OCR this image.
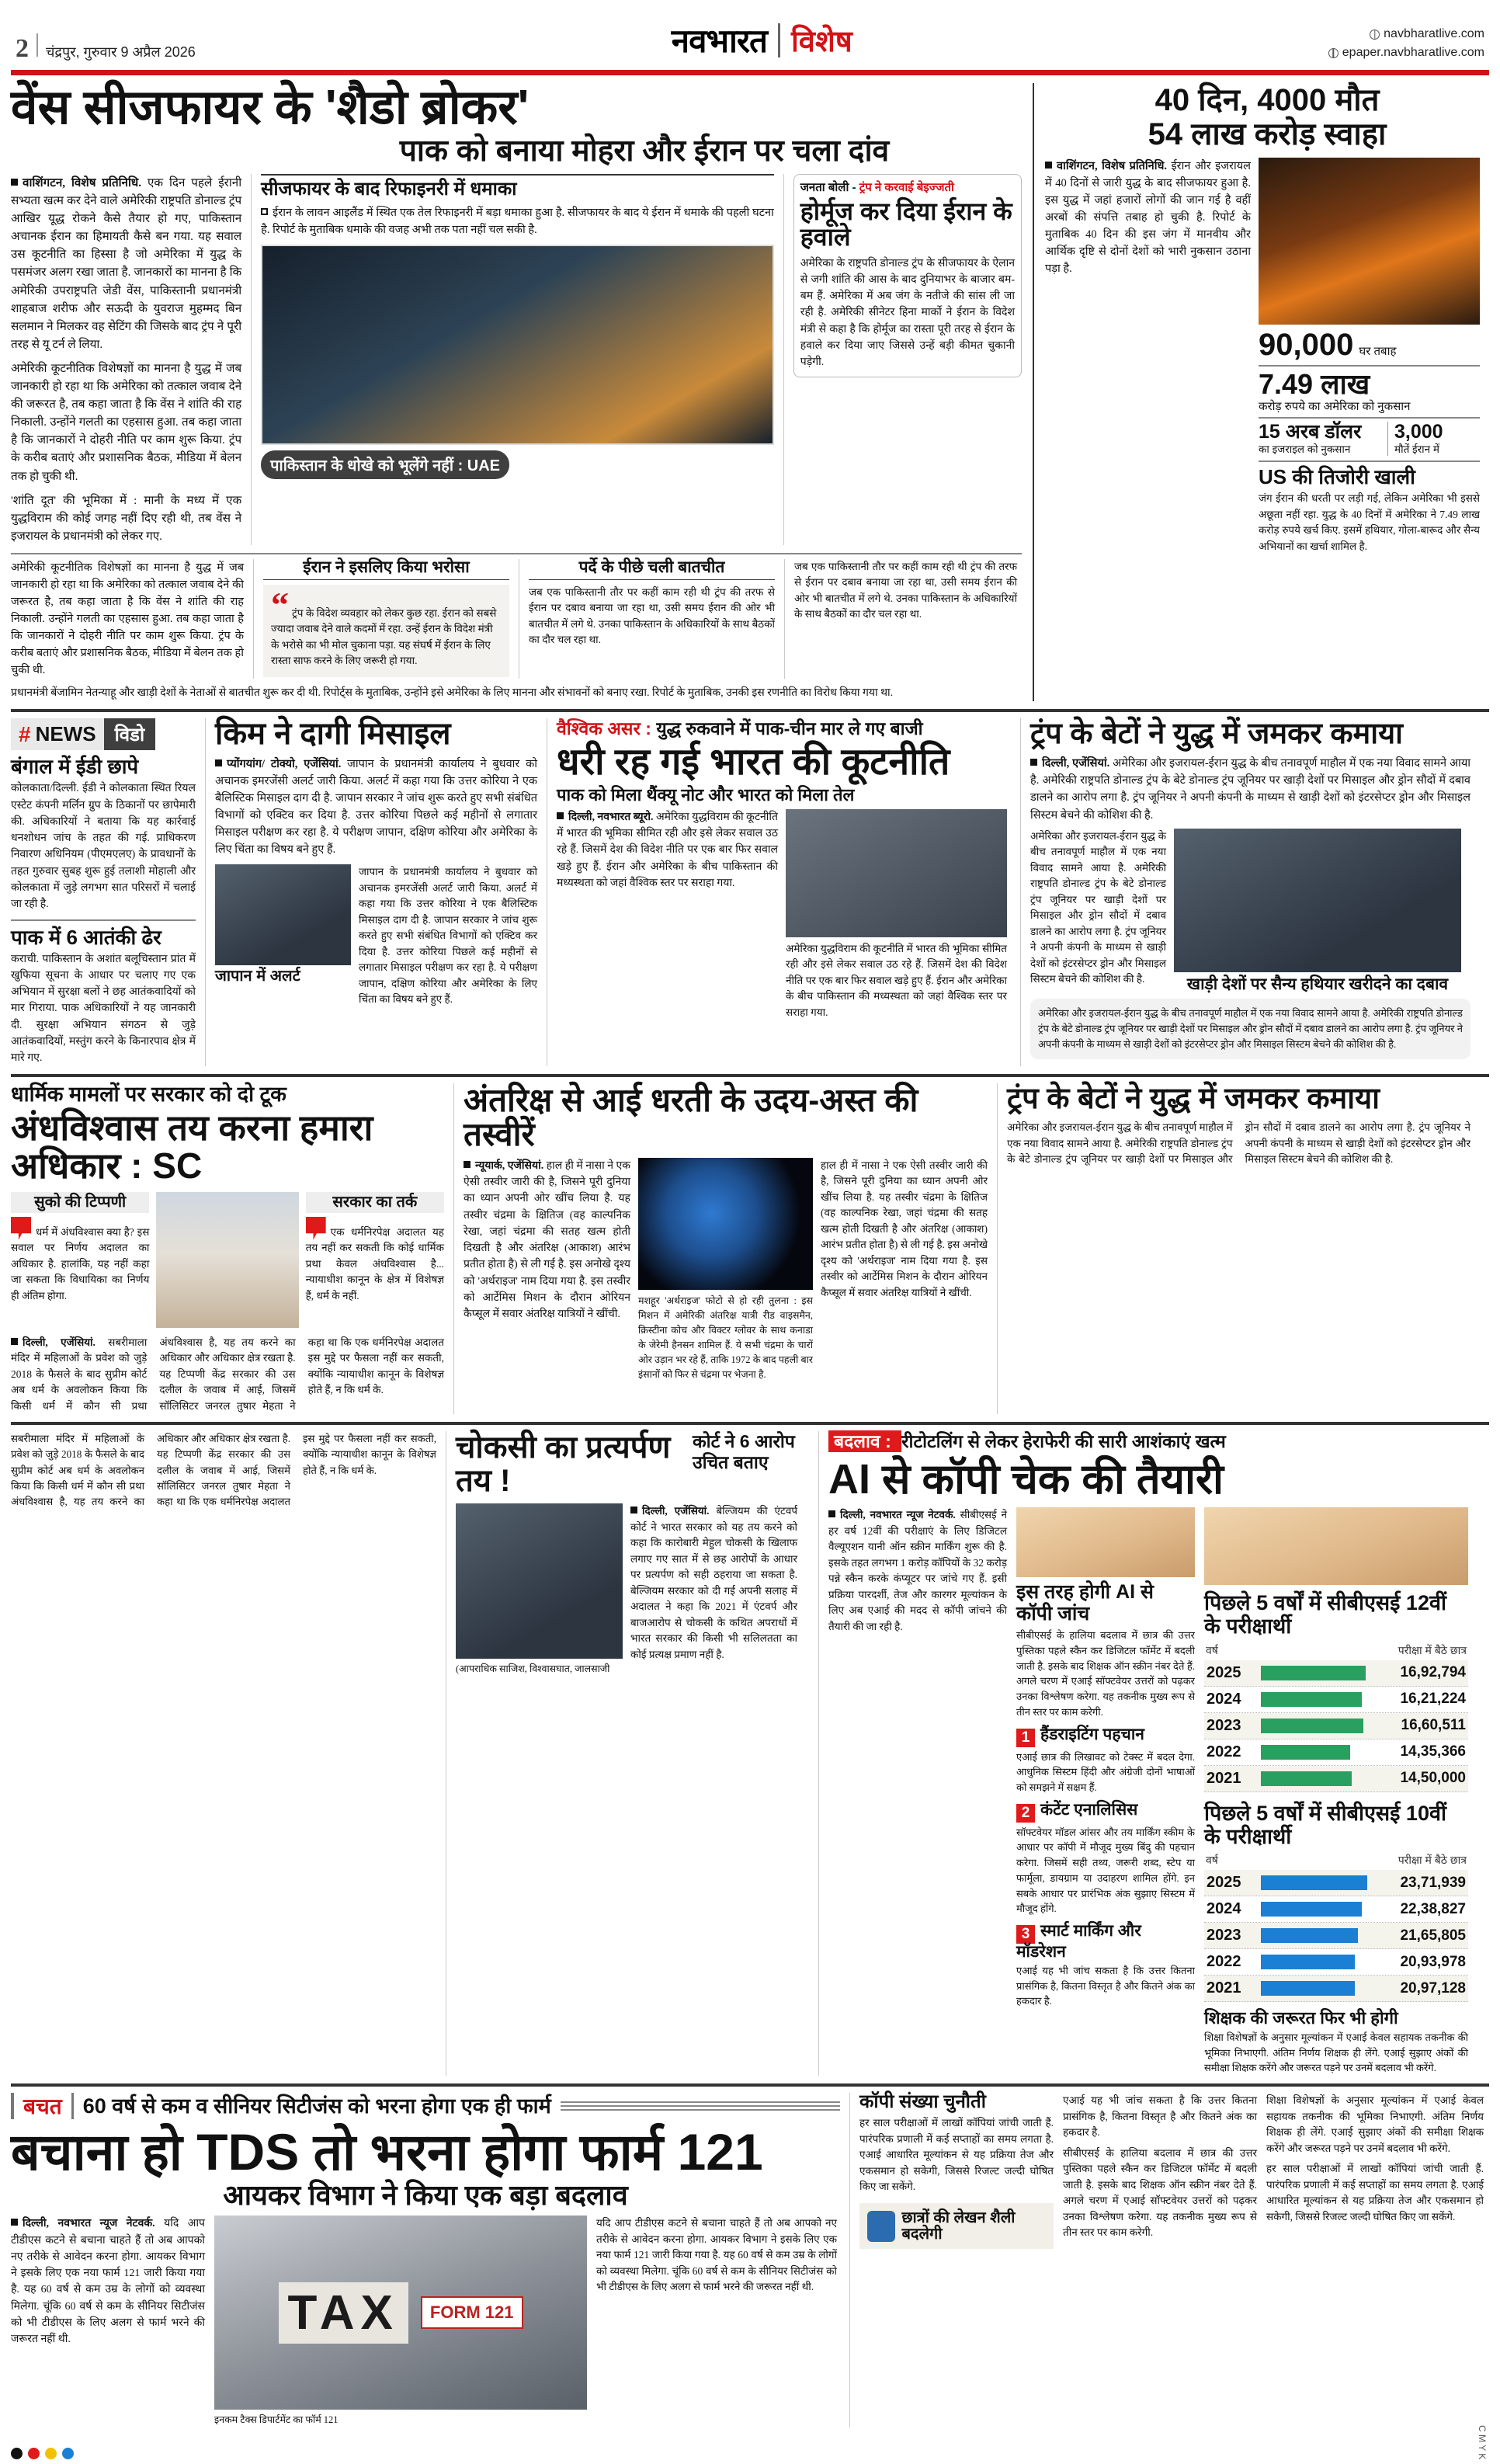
2 चंद्रपुर, गुरुवार 9 अप्रैल 2026	नवभारत विशेष	navbharatlive.com
epaper.navbharatlive.com
वेंस सीजफायर के 'शैडो ब्रोकर'
पाक को बनाया मोहरा और ईरान पर चला दांव
वाशिंगटन, विशेष प्रतिनिधि. एक दिन पहले ईरानी सभ्यता खत्म कर देने वाले अमेरिकी राष्ट्रपति डोनाल्ड ट्रंप आखिर यूद्ध रोकने कैसे तैयार हो गए, पाकिस्तान अचानक ईरान का हिमायती कैसे बन गया. यह सवाल उस कूटनीति का हिस्सा है जो अमेरिका में युद्ध के पसमंजर अलग रखा जाता है. जानकारों का मानना है कि अमेरिकी उपराष्ट्रपति जेडी वेंस, पाकिस्तानी प्रधानमंत्री शाहबाज शरीफ और सऊदी के युवराज मुहम्मद बिन सलमान ने मिलकर वह सेटिंग की जिसके बाद ट्रंप ने पूरी तरह से यू टर्न ले लिया.
अमेरिकी कूटनीतिक विशेषज्ञों का मानना है युद्ध में जब जानकारी हो रहा था कि अमेरिका को तत्काल जवाब देने की जरूरत है, तब कहा जाता है कि वेंस ने शांति की राह निकाली. उन्होंने गलती का एहसास हुआ. तब कहा जाता है कि जानकारों ने दोहरी नीति पर काम शुरू किया. ट्रंप के करीब बताएं और प्रशासनिक बैठक, मीडिया में बेलन तक हो चुकी थी.
'शांति दूत' की भूमिका में : मानी के मध्य में एक युद्धविराम की कोई जगह नहीं दिए रही थी, तब वेंस ने इजरायल के प्रधानमंत्री को लेकर गए.
सीजफायर के बाद रिफाइनरी में धमाका
ईरान के लावन आइलैंड में स्थित एक तेल रिफाइनरी में बड़ा धमाका हुआ है. सीजफायर के बाद ये ईरान में धमाके की पहली घटना है. रिपोर्ट के मुताबिक धमाके की वजह अभी तक पता नहीं चल सकी है.
पाकिस्तान के धोखे को भूलेंगे नहीं : UAE
जनता बोली - ट्रंप ने करवाई बेइज्जती
होर्मूज कर दिया ईरान के हवाले
अमेरिका के राष्ट्रपति डोनाल्ड ट्रंप के सीजफायर के ऐलान से जगी शांति की आस के बाद दुनियाभर के बाजार बम-बम हैं. अमेरिका में अब जंग के नतीजे की सांस ली जा रही है. अमेरिकी सीनेटर हिना मार्को ने ईरान के विदेश मंत्री से कहा है कि होर्मूज का रास्ता पूरी तरह से ईरान के हवाले कर दिया जाए जिससे उन्हें बड़ी कीमत चुकानी पड़ेगी.
अमेरिकी कूटनीतिक विशेषज्ञों का मानना है युद्ध में जब जानकारी हो रहा था कि अमेरिका को तत्काल जवाब देने की जरूरत है, तब कहा जाता है कि वेंस ने शांति की राह निकाली. उन्होंने गलती का एहसास हुआ. तब कहा जाता है कि जानकारों ने दोहरी नीति पर काम शुरू किया. ट्रंप के करीब बताएं और प्रशासनिक बैठक, मीडिया में बेलन तक हो चुकी थी.
ईरान ने इसलिए किया भरोसा
“ ट्रंप के विदेश व्यवहार को लेकर कुछ रहा. ईरान को सबसे ज्यादा जवाब देने वाले कदमों में रहा. उन्हें ईरान के विदेश मंत्री के भरोसे का भी मोल चुकाना पड़ा. यह संघर्ष में ईरान के लिए रास्ता साफ करने के लिए जरूरी हो गया.
पर्दे के पीछे चली बातचीत
जब एक पाकिस्तानी तौर पर कहीं काम रही थी ट्रंप की तरफ से ईरान पर दबाव बनाया जा रहा था, उसी समय ईरान की ओर भी बातचीत में लगे थे. उनका पाकिस्तान के अधिकारियों के साथ बैठकों का दौर चल रहा था.
जब एक पाकिस्तानी तौर पर कहीं काम रही थी ट्रंप की तरफ से ईरान पर दबाव बनाया जा रहा था, उसी समय ईरान की ओर भी बातचीत में लगे थे. उनका पाकिस्तान के अधिकारियों के साथ बैठकों का दौर चल रहा था.
प्रधानमंत्री बेंजामिन नेतन्याहू और खाड़ी देशों के नेताओं से बातचीत शुरू कर दी थी. रिपोर्ट्स के मुताबिक, उन्होंने इसे अमेरिका के लिए मानना और संभावनों को बनाए रखा. रिपोर्ट के मुताबिक, उनकी इस रणनीति का विरोध किया गया था.
40 दिन, 4000 मौत
54 लाख करोड़ स्वाहा
वाशिंगटन, विशेष प्रतिनिधि. ईरान और इजरायल में 40 दिनों से जारी युद्ध के बाद सीजफायर हुआ है. इस युद्ध में जहां हजारों लोगों की जान गई है वहीं अरबों की संपत्ति तबाह हो चुकी है. रिपोर्ट के मुताबिक 40 दिन की इस जंग में मानवीय और आर्थिक दृष्टि से दोनों देशों को भारी नुकसान उठाना पड़ा है.
90,000 घर तबाह
7.49 लाख
करोड़ रुपये का अमेरिका को नुकसान
15 अरब डॉलर
का इजराइल को नुकसान
3,000
मौतें ईरान में
US की तिजोरी खाली
जंग ईरान की धरती पर लड़ी गई, लेकिन अमेरिका भी इससे अछूता नहीं रहा. युद्ध के 40 दिनों में अमेरिका ने 7.49 लाख करोड़ रुपये खर्च किए. इसमें हथियार, गोला-बारूद और सैन्य अभियानों का खर्चा शामिल है.
# NEWS	विडो
बंगाल में ईडी छापे
कोलकाता/दिल्ली. ईडी ने कोलकाता स्थित रियल एस्टेट कंपनी मर्लिन ग्रुप के ठिकानों पर छापेमारी की. अधिकारियों ने बताया कि यह कार्रवाई धनशोधन जांच के तहत की गई. प्राधिकरण निवारण अधिनियम (पीएमएलए) के प्रावधानों के तहत गुरुवार सुबह शुरू हुई तलाशी मोहाली और कोलकाता में जुड़े लगभग सात परिसरों में चलाई जा रही है.
पाक में 6 आतंकी ढेर
कराची. पाकिस्तान के अशांत बलूचिस्तान प्रांत में खुफिया सूचना के आधार पर चलाए गए एक अभियान में सुरक्षा बलों ने छह आतंकवादियों को मार गिराया. पाक अधिकारियों ने यह जानकारी दी. सुरक्षा अभियान संगठन से जुड़े आतंकवादियों, मस्तुंग करने के किनारपाव क्षेत्र में मारे गए.
किम ने दागी मिसाइल
प्योंगयांग/ टोक्यो, एजेंसियां. जापान के प्रधानमंत्री कार्यालय ने बुधवार को अचानक इमरजेंसी अलर्ट जारी किया. अलर्ट में कहा गया कि उत्तर कोरिया ने एक बैलिस्टिक मिसाइल दाग दी है. जापान सरकार ने जांच शुरू करते हुए सभी संबंधित विभागों को एक्टिव कर दिया है. उत्तर कोरिया पिछले कई महीनों से लगातार मिसाइल परीक्षण कर रहा है. ये परीक्षण जापान, दक्षिण कोरिया और अमेरिका के लिए चिंता का विषय बने हुए हैं.
जापान में अलर्ट
जापान के प्रधानमंत्री कार्यालय ने बुधवार को अचानक इमरजेंसी अलर्ट जारी किया. अलर्ट में कहा गया कि उत्तर कोरिया ने एक बैलिस्टिक मिसाइल दाग दी है. जापान सरकार ने जांच शुरू करते हुए सभी संबंधित विभागों को एक्टिव कर दिया है. उत्तर कोरिया पिछले कई महीनों से लगातार मिसाइल परीक्षण कर रहा है. ये परीक्षण जापान, दक्षिण कोरिया और अमेरिका के लिए चिंता का विषय बने हुए हैं.
वैश्विक असर : युद्ध रुकवाने में पाक-चीन मार ले गए बाजी
धरी रह गई भारत की कूटनीति
पाक को मिला थैंक्यू नोट और भारत को मिला तेल
दिल्ली, नवभारत ब्यूरो. अमेरिका युद्धविराम की कूटनीति में भारत की भूमिका सीमित रही और इसे लेकर सवाल उठ रहे हैं. जिसमें देश की विदेश नीति पर एक बार फिर सवाल खड़े हुए हैं. ईरान और अमेरिका के बीच पाकिस्तान की मध्यस्थता को जहां वैश्विक स्तर पर सराहा गया.
अमेरिका युद्धविराम की कूटनीति में भारत की भूमिका सीमित रही और इसे लेकर सवाल उठ रहे हैं. जिसमें देश की विदेश नीति पर एक बार फिर सवाल खड़े हुए हैं. ईरान और अमेरिका के बीच पाकिस्तान की मध्यस्थता को जहां वैश्विक स्तर पर सराहा गया.
ट्रंप के बेटों ने युद्ध में जमकर कमाया
दिल्ली, एजेंसियां. अमेरिका और इजरायल-ईरान युद्ध के बीच तनावपूर्ण माहौल में एक नया विवाद सामने आया है. अमेरिकी राष्ट्रपति डोनाल्ड ट्रंप के बेटे डोनाल्ड ट्रंप जूनियर पर खाड़ी देशों पर मिसाइल और ड्रोन सौदों में दबाव डालने का आरोप लगा है. ट्रंप जूनियर ने अपनी कंपनी के माध्यम से खाड़ी देशों को इंटरसेप्टर ड्रोन और मिसाइल सिस्टम बेचने की कोशिश की है.
अमेरिका और इजरायल-ईरान युद्ध के बीच तनावपूर्ण माहौल में एक नया विवाद सामने आया है. अमेरिकी राष्ट्रपति डोनाल्ड ट्रंप के बेटे डोनाल्ड ट्रंप जूनियर पर खाड़ी देशों पर मिसाइल और ड्रोन सौदों में दबाव डालने का आरोप लगा है. ट्रंप जूनियर ने अपनी कंपनी के माध्यम से खाड़ी देशों को इंटरसेप्टर ड्रोन और मिसाइल सिस्टम बेचने की कोशिश की है.	खाड़ी देशों पर सैन्य हथियार खरीदने का दबाव
अमेरिका और इजरायल-ईरान युद्ध के बीच तनावपूर्ण माहौल में एक नया विवाद सामने आया है. अमेरिकी राष्ट्रपति डोनाल्ड ट्रंप के बेटे डोनाल्ड ट्रंप जूनियर पर खाड़ी देशों पर मिसाइल और ड्रोन सौदों में दबाव डालने का आरोप लगा है. ट्रंप जूनियर ने अपनी कंपनी के माध्यम से खाड़ी देशों को इंटरसेप्टर ड्रोन और मिसाइल सिस्टम बेचने की कोशिश की है.
धार्मिक मामलों पर सरकार को दो टूक
अंधविश्वास तय करना हमारा अधिकार : SC
सुको की टिप्पणी
धर्म में अंधविश्वास क्या है? इस सवाल पर निर्णय अदालत का अधिकार है. हालांकि, यह नहीं कहा जा सकता कि विधायिका का निर्णय ही अंतिम होगा.
सरकार का तर्क
एक धर्मनिरपेक्ष अदालत यह तय नहीं कर सकती कि कोई धार्मिक प्रथा केवल अंधविश्वास है... न्यायाधीश कानून के क्षेत्र में विशेषज्ञ हैं, धर्म के नहीं.
दिल्ली, एजेंसियां. सबरीमाला मंदिर में महिलाओं के प्रवेश को जुड़े 2018 के फैसले के बाद सुप्रीम कोर्ट अब धर्म के अवलोकन किया कि किसी धर्म में कौन सी प्रथा अंधविश्वास है, यह तय करने का अधिकार और अधिकार क्षेत्र रखता है. यह टिप्पणी केंद्र सरकार की उस दलील के जवाब में आई, जिसमें सॉलिसिटर जनरल तुषार मेहता ने कहा था कि एक धर्मनिरपेक्ष अदालत इस मुद्दे पर फैसला नहीं कर सकती, क्योंकि न्यायाधीश कानून के विशेषज्ञ होते हैं, न कि धर्म के.
अंतरिक्ष से आई धरती के उदय-अस्त की तस्वीरें
न्यूयार्क, एजेंसियां. हाल ही में नासा ने एक ऐसी तस्वीर जारी की है, जिसने पूरी दुनिया का ध्यान अपनी ओर खींच लिया है. यह तस्वीर चंद्रमा के क्षितिज (वह काल्पनिक रेखा, जहां चंद्रमा की सतह खत्म होती दिखती है और अंतरिक्ष (आकाश) आरंभ प्रतीत होता है) से ली गई है. इस अनोखे दृश्य को 'अर्थराइज' नाम दिया गया है. इस तस्वीर को आर्टेमिस मिशन के दौरान ओरियन कैप्सूल में सवार अंतरिक्ष यात्रियों ने खींची.
मशहूर 'अर्थराइज' फोटो से हो रही तुलना : इस मिशन में अमेरिकी अंतरिक्ष यात्री रीड वाइसमैन, क्रिस्टीना कोच और विक्टर ग्लोवर के साथ कनाडा के जेरेमी हैनसन शामिल हैं. ये सभी चंद्रमा के चारों ओर उड़ान भर रहे हैं, ताकि 1972 के बाद पहली बार इंसानों को फिर से चंद्रमा पर भेजना है.
हाल ही में नासा ने एक ऐसी तस्वीर जारी की है, जिसने पूरी दुनिया का ध्यान अपनी ओर खींच लिया है. यह तस्वीर चंद्रमा के क्षितिज (वह काल्पनिक रेखा, जहां चंद्रमा की सतह खत्म होती दिखती है और अंतरिक्ष (आकाश) आरंभ प्रतीत होता है) से ली गई है. इस अनोखे दृश्य को 'अर्थराइज' नाम दिया गया है. इस तस्वीर को आर्टेमिस मिशन के दौरान ओरियन कैप्सूल में सवार अंतरिक्ष यात्रियों ने खींची.
ट्रंप के बेटों ने युद्ध में जमकर कमाया
अमेरिका और इजरायल-ईरान युद्ध के बीच तनावपूर्ण माहौल में एक नया विवाद सामने आया है. अमेरिकी राष्ट्रपति डोनाल्ड ट्रंप के बेटे डोनाल्ड ट्रंप जूनियर पर खाड़ी देशों पर मिसाइल और ड्रोन सौदों में दबाव डालने का आरोप लगा है. ट्रंप जूनियर ने अपनी कंपनी के माध्यम से खाड़ी देशों को इंटरसेप्टर ड्रोन और मिसाइल सिस्टम बेचने की कोशिश की है.
सबरीमाला मंदिर में महिलाओं के प्रवेश को जुड़े 2018 के फैसले के बाद सुप्रीम कोर्ट अब धर्म के अवलोकन किया कि किसी धर्म में कौन सी प्रथा अंधविश्वास है, यह तय करने का अधिकार और अधिकार क्षेत्र रखता है. यह टिप्पणी केंद्र सरकार की उस दलील के जवाब में आई, जिसमें सॉलिसिटर जनरल तुषार मेहता ने कहा था कि एक धर्मनिरपेक्ष अदालत इस मुद्दे पर फैसला नहीं कर सकती, क्योंकि न्यायाधीश कानून के विशेषज्ञ होते हैं, न कि धर्म के.
चोकसी का प्रत्यर्पण तय !
कोर्ट ने 6 आरोप उचित बताए
(आपराधिक साजिश, विश्वासघात, जालसाजी
दिल्ली, एजेंसियां. बेल्जियम की एंटवर्प कोर्ट ने भारत सरकार को यह तय करने को कहा कि कारोबारी मेहुल चोकसी के खिलाफ लगाए गए सात में से छह आरोपों के आधार पर प्रत्यर्पण को सही ठहराया जा सकता है. बेल्जियम सरकार को दी गई अपनी सलाह में अदालत ने कहा कि 2021 में एंटवर्प और बाजआरोप से चोकसी के कथित अपराधों में भारत सरकार की किसी भी सलिलतता का कोई प्रत्यक्ष प्रमाण नहीं है.
बदलाव : रीटोटलिंग से लेकर हेराफेरी की सारी आशंकाएं खत्म
AI से कॉपी चेक की तैयारी
दिल्ली, नवभारत न्यूज नेटवर्क. सीबीएसई ने हर वर्ष 12वीं की परीक्षाएं के लिए डिजिटल वैल्यूएशन यानी ऑन स्क्रीन मार्किंग शुरू की है. इसके तहत लगभग 1 करोड़ कॉपियों के 32 करोड़ पन्ने स्कैन करके कंप्यूटर पर जांचे गए हैं. इसी प्रक्रिया पारदर्शी, तेज और कारगर मूल्यांकन के लिए अब एआई की मदद से कॉपी जांचने की तैयारी की जा रही है.
इस तरह होगी AI से कॉपी जांच
सीबीएसई के हालिया बदलाव में छात्र की उत्तर पुस्तिका पहले स्कैन कर डिजिटल फॉर्मेट में बदली जाती है. इसके बाद शिक्षक ऑन स्क्रीन नंबर देते हैं. अगले चरण में एआई सॉफ्टवेयर उत्तरों को पढ़कर उनका विश्लेषण करेगा. यह तकनीक मुख्य रूप से तीन स्तर पर काम करेगी.
1 हैंडराइटिंग पहचान
एआई छात्र की लिखावट को टेक्स्ट में बदल देगा. आधुनिक सिस्टम हिंदी और अंग्रेजी दोनों भाषाओं को समझने में सक्षम हैं.
2 कंटेंट एनालिसिस
सॉफ्टवेयर मॉडल आंसर और तय मार्किंग स्कीम के आधार पर कॉपी में मौजूद मुख्य बिंदु की पहचान करेगा. जिसमें सही तथ्य, जरूरी शब्द, स्टेप या फार्मूला, डायग्राम या उदाहरण शामिल होंगे. इन सबके आधार पर प्रारंभिक अंक सुझाए सिस्टम में मौजूद होंगे.
3 स्मार्ट मार्किंग और मॉडरेशन
एआई यह भी जांच सकता है कि उत्तर कितना प्रासंगिक है, कितना विस्तृत है और कितने अंक का हकदार है.
पिछले 5 वर्षों में सीबीएसई 12वीं के परीक्षार्थी
वर्ष	परीक्षा में बैठे छात्र
2025	16,92,794
2024	16,21,224
2023	16,60,511
2022	14,35,366
2021	14,50,000
पिछले 5 वर्षों में सीबीएसई 10वीं के परीक्षार्थी
वर्ष	परीक्षा में बैठे छात्र
2025	23,71,939
2024	22,38,827
2023	21,65,805
2022	20,93,978
2021	20,97,128
शिक्षक की जरूरत फिर भी होगी
शिक्षा विशेषज्ञों के अनुसार मूल्यांकन में एआई केवल सहायक तकनीक की भूमिका निभाएगी. अंतिम निर्णय शिक्षक ही लेंगे. एआई सुझाए अंकों की समीक्षा शिक्षक करेंगे और जरूरत पड़ने पर उनमें बदलाव भी करेंगे.
बचत 60 वर्ष से कम व सीनियर सिटीजंस को भरना होगा एक ही फार्म
बचाना हो TDS तो भरना होगा फार्म 121
आयकर विभाग ने किया एक बड़ा बदलाव
दिल्ली, नवभारत न्यूज नेटवर्क. यदि आप टीडीएस कटने से बचाना चाहते हैं तो अब आपको नए तरीके से आवेदन करना होगा. आयकर विभाग ने इसके लिए एक नया फार्म 121 जारी किया गया है. यह 60 वर्ष से कम उम्र के लोगों को व्यवस्था मिलेगा. चूंकि 60 वर्ष से कम के सीनियर सिटीजंस को भी टीडीएस के लिए अलग से फार्म भरने की जरूरत नहीं थी.	TAX	FORM 121
इनकम टैक्स डिपार्टमेंट का फॉर्म 121
यदि आप टीडीएस कटने से बचाना चाहते हैं तो अब आपको नए तरीके से आवेदन करना होगा. आयकर विभाग ने इसके लिए एक नया फार्म 121 जारी किया गया है. यह 60 वर्ष से कम उम्र के लोगों को व्यवस्था मिलेगा. चूंकि 60 वर्ष से कम के सीनियर सिटीजंस को भी टीडीएस के लिए अलग से फार्म भरने की जरूरत नहीं थी.
कॉपी संख्या चुनौती
हर साल परीक्षाओं में लाखों कॉपियां जांची जाती हैं. पारंपरिक प्रणाली में कई सप्ताहों का समय लगता है. एआई आधारित मूल्यांकन से यह प्रक्रिया तेज और एकसमान हो सकेगी, जिससे रिजल्ट जल्दी घोषित किए जा सकेंगे.
छात्रों की लेखन शैली बदलेगी
एआई यह भी जांच सकता है कि उत्तर कितना प्रासंगिक है, कितना विस्तृत है और कितने अंक का हकदार है.
सीबीएसई के हालिया बदलाव में छात्र की उत्तर पुस्तिका पहले स्कैन कर डिजिटल फॉर्मेट में बदली जाती है. इसके बाद शिक्षक ऑन स्क्रीन नंबर देते हैं. अगले चरण में एआई सॉफ्टवेयर उत्तरों को पढ़कर उनका विश्लेषण करेगा. यह तकनीक मुख्य रूप से तीन स्तर पर काम करेगी.
शिक्षा विशेषज्ञों के अनुसार मूल्यांकन में एआई केवल सहायक तकनीक की भूमिका निभाएगी. अंतिम निर्णय शिक्षक ही लेंगे. एआई सुझाए अंकों की समीक्षा शिक्षक करेंगे और जरूरत पड़ने पर उनमें बदलाव भी करेंगे.
हर साल परीक्षाओं में लाखों कॉपियां जांची जाती हैं. पारंपरिक प्रणाली में कई सप्ताहों का समय लगता है. एआई आधारित मूल्यांकन से यह प्रक्रिया तेज और एकसमान हो सकेगी, जिससे रिजल्ट जल्दी घोषित किए जा सकेंगे.
C M Y K
